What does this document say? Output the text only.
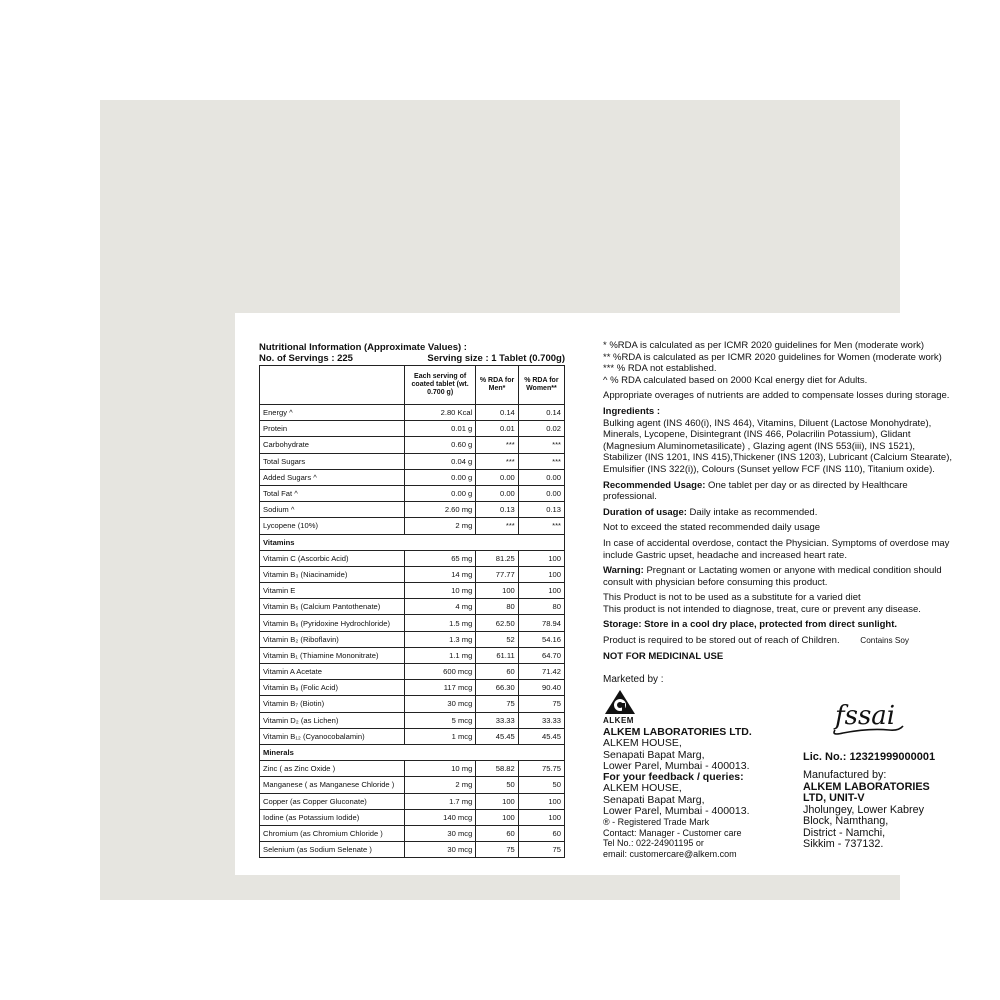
Nutritional Information (Approximate Values) :
No. of Servings : 225	Serving size : 1 Tablet (0.700g)
	Each serving of coated tablet (wt. 0.700 g)	% RDA for Men*	% RDA for Women**
Energy ^	2.80 Kcal	0.14	0.14
Protein	0.01 g	0.01	0.02
Carbohydrate	0.60 g	***	***
Total Sugars	0.04 g	***	***
Added Sugars ^	0.00 g	0.00	0.00
Total Fat ^	0.00 g	0.00	0.00
Sodium ^	2.60 mg	0.13	0.13
Lycopene (10%)	2 mg	***	***
Vitamins			
Vitamin C (Ascorbic Acid)	65 mg	81.25	100
Vitamin B₃ (Niacinamide)	14 mg	77.77	100
Vitamin E	10 mg	100	100
Vitamin B₅ (Calcium Pantothenate)	4 mg	80	80
Vitamin B₆ (Pyridoxine Hydrochloride)	1.5 mg	62.50	78.94
Vitamin B₂ (Riboflavin)	1.3 mg	52	54.16
Vitamin B₁ (Thiamine Mononitrate)	1.1 mg	61.11	64.70
Vitamin A Acetate	600 mcg	60	71.42
Vitamin B₉ (Folic Acid)	117 mcg	66.30	90.40
Vitamin B₇ (Biotin)	30 mcg	75	75
Vitamin D₂ (as Lichen)	5 mcg	33.33	33.33
Vitamin B₁₂ (Cyanocobalamin)	1 mcg	45.45	45.45
Minerals			
Zinc ( as Zinc Oxide )	10 mg	58.82	75.75
Manganese ( as Manganese Chloride )	2 mg	50	50
Copper (as Copper Gluconate)	1.7 mg	100	100
Iodine (as Potassium Iodide)	140 mcg	100	100
Chromium (as Chromium Chloride )	30 mcg	60	60
Selenium (as Sodium Selenate )	30 mcg	75	75

* %RDA is calculated as per ICMR 2020 guidelines for Men (moderate work)

** %RDA is calculated as per ICMR 2020 guidelines for Women (moderate work)

*** % RDA not established.

^ % RDA calculated based on 2000 Kcal energy diet for Adults.

Appropriate overages of nutrients are added to compensate losses during storage.

Ingredients :

Bulking agent (INS 460(i), INS 464), Vitamins, Diluent (Lactose Monohydrate),

Minerals, Lycopene, Disintegrant (INS 466, Polacrilin Potassium), Glidant

(Magnesium Aluminometasilicate) , Glazing agent (INS 553(iii), INS 1521),

Stabilizer (INS 1201, INS 415),Thickener (INS 1203), Lubricant (Calcium Stearate),

Emulsifier (INS 322(i)), Colours (Sunset yellow FCF (INS 110), Titanium oxide).

Recommended Usage: One tablet per day or as directed by Healthcare

professional.

Duration of usage: Daily intake as recommended.

Not to exceed the stated recommended daily usage

In case of accidental overdose, contact the Physician. Symptoms of overdose may

include Gastric upset, headache and increased heart rate.

Warning: Pregnant or Lactating women or anyone with medical condition should

consult with physician before consuming this product.

This Product is not to be used as a substitute for a varied diet

This product is not intended to diagnose, treat, cure or prevent any disease.

Storage: Store in a cool dry place, protected from direct sunlight.

Product is required to be stored out of reach of Children.	Contains Soy

NOT FOR MEDICINAL USE

Marketed by :
ALKEM

ALKEM LABORATORIES LTD.

ALKEM HOUSE,

Senapati Bapat Marg,

Lower Parel, Mumbai - 400013.

For your feedback / queries:

ALKEM HOUSE,

Senapati Bapat Marg,

Lower Parel, Mumbai - 400013.

® - Registered Trade Mark

Contact: Manager - Customer care

Tel No.: 022-24901195 or

email: customercare@alkem.com

fssai
Lic. No.: 12321999000001

Manufactured by:

ALKEM LABORATORIES

LTD, UNIT-V

Jholungey, Lower Kabrey

Block, Namthang,

District - Namchi,

Sikkim - 737132.
